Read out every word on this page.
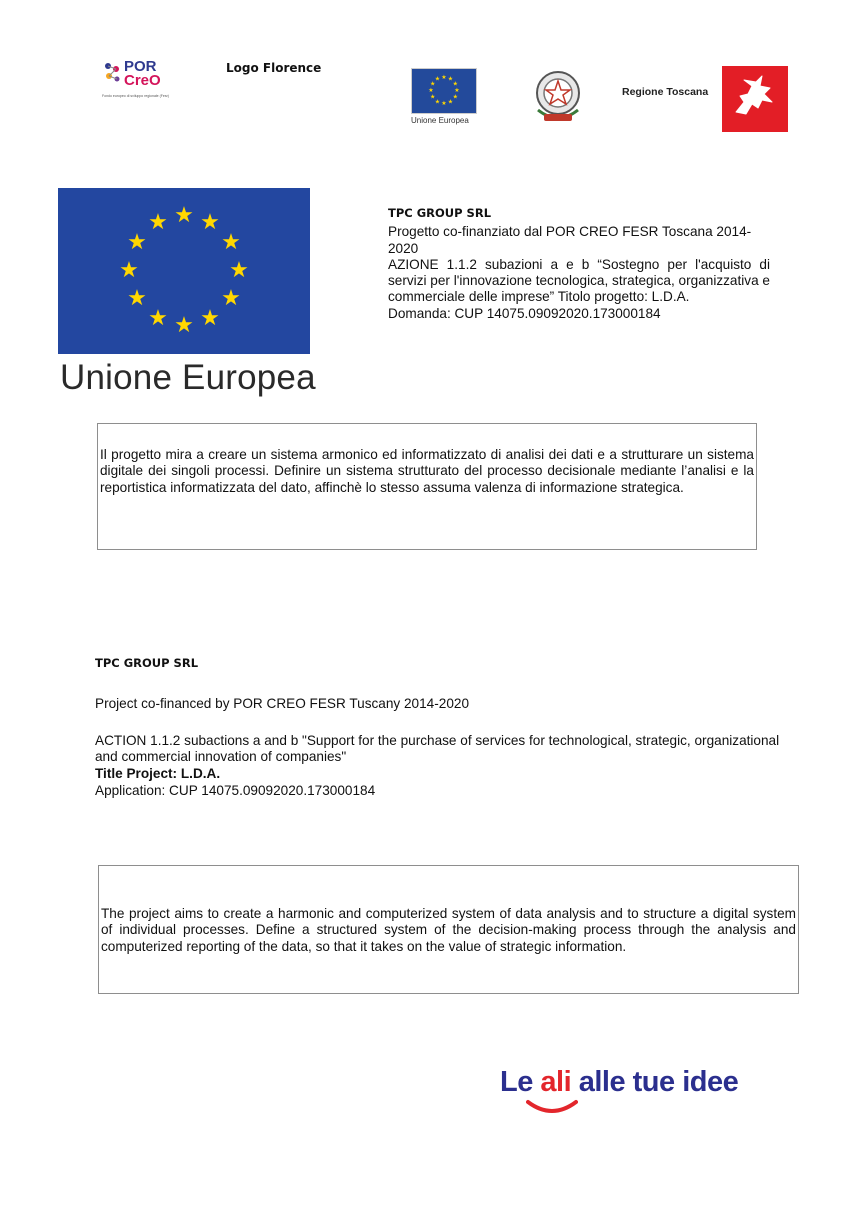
POR
CreO
Fondo europeo di sviluppo regionale (Fesr)
Logo Florence
★ ★
★
★
★
★
★
★
★
★
★
★
Unione Europea
Regione Toscana
★ ★
★
★
★
★
★
★
★
★
★
★
Unione Europea
TPC GROUP SRL
Progetto co-finanziato dal POR CREO FESR Toscana 2014-2020
AZIONE 1.1.2 subazioni a e b “Sostegno per l'acquisto di servizi per l'innovazione tecnologica, strategica, organizzativa e commerciale delle imprese” Titolo progetto: L.D.A.
Domanda: CUP 14075.09092020.173000184
Il progetto mira a creare un sistema armonico ed informatizzato di analisi dei dati e a strutturare un sistema digitale dei singoli processi. Definire un sistema strutturato del processo decisionale mediante l’analisi e la reportistica informatizzata del dato, affinchè lo stesso assuma valenza di informazione strategica.
TPC GROUP SRL
Project co-financed by POR CREO FESR Tuscany 2014-2020
ACTION 1.1.2 subactions a and b "Support for the purchase of services for technological, strategic, organizational and commercial innovation of companies"
Title Project: L.D.A.
Application: CUP 14075.09092020.173000184
The project aims to create a harmonic and computerized system of data analysis and to structure a digital system of individual processes. Define a structured system of the decision-making process through the analysis and computerized reporting of the data, so that it takes on the value of strategic information.
Le ali alle tue idee
